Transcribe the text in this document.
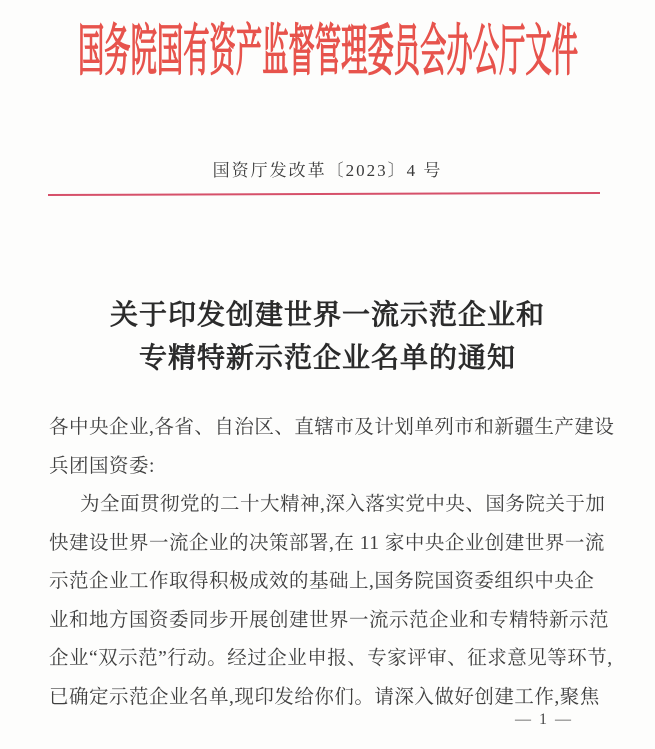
国务院国有资产监督管理委员会办公厅文件
国资厅发改革〔2023〕4 号
关于印发创建世界一流示范企业和
专精特新示范企业名单的通知
各中央企业,各省、自治区、直辖市及计划单列市和新疆生产建设
兵团国资委:
为全面贯彻党的二十大精神,深入落实党中央、国务院关于加
快建设世界一流企业的决策部署,在 11 家中央企业创建世界一流
示范企业工作取得积极成效的基础上,国务院国资委组织中央企
业和地方国资委同步开展创建世界一流示范企业和专精特新示范
企业“双示范”行动。经过企业申报、专家评审、征求意见等环节,
已确定示范企业名单,现印发给你们。请深入做好创建工作,聚焦
— 1 —
